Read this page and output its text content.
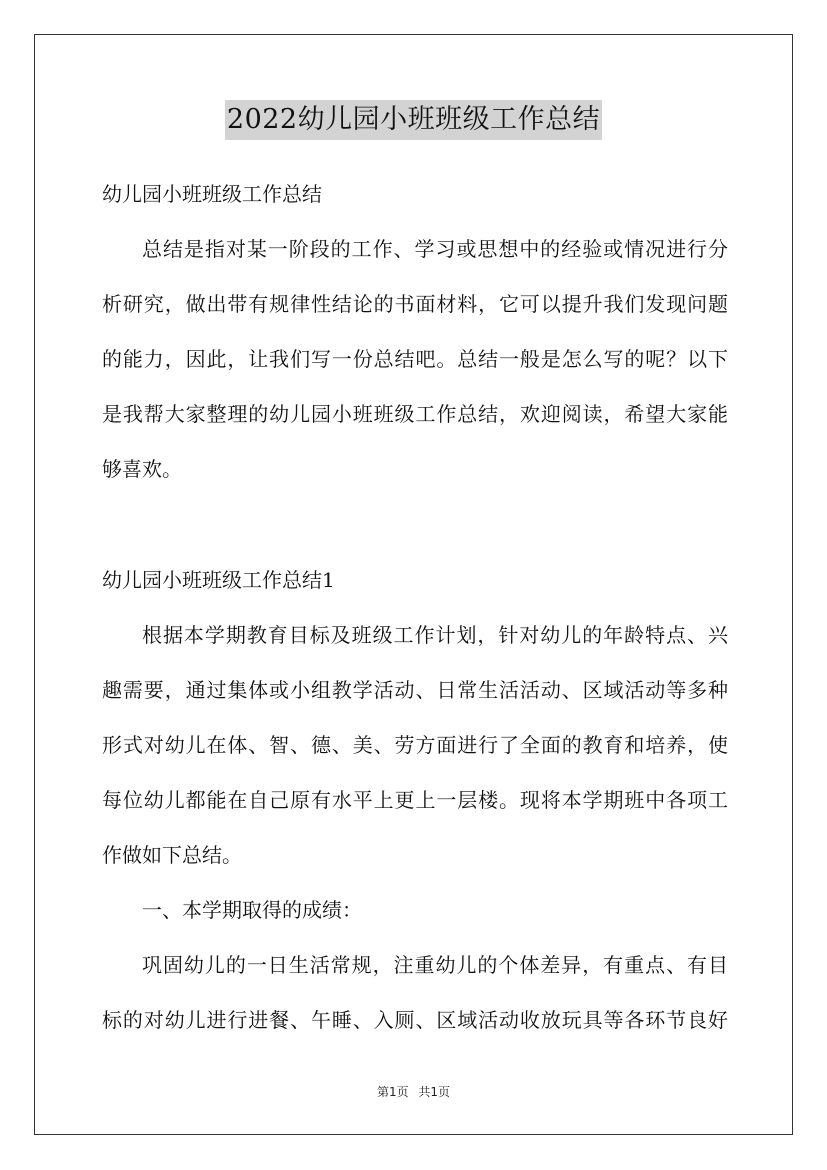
2022幼儿园小班班级工作总结
幼儿园小班班级工作总结
总结是指对某一阶段的工作、学习或思想中的经验或情况进行分
析研究，做出带有规律性结论的书面材料，它可以提升我们发现问题
的能力，因此，让我们写一份总结吧。总结一般是怎么写的呢？以下
是我帮大家整理的幼儿园小班班级工作总结，欢迎阅读，希望大家能
够喜欢。
幼儿园小班班级工作总结1
根据本学期教育目标及班级工作计划，针对幼儿的年龄特点、兴
趣需要，通过集体或小组教学活动、日常生活活动、区域活动等多种
形式对幼儿在体、智、德、美、劳方面进行了全面的教育和培养，使
每位幼儿都能在自己原有水平上更上一层楼。现将本学期班中各项工
作做如下总结。
一、本学期取得的成绩：
巩固幼儿的一日生活常规，注重幼儿的个体差异，有重点、有目
标的对幼儿进行进餐、午睡、入厕、区域活动收放玩具等各环节良好
第1页 共1页
